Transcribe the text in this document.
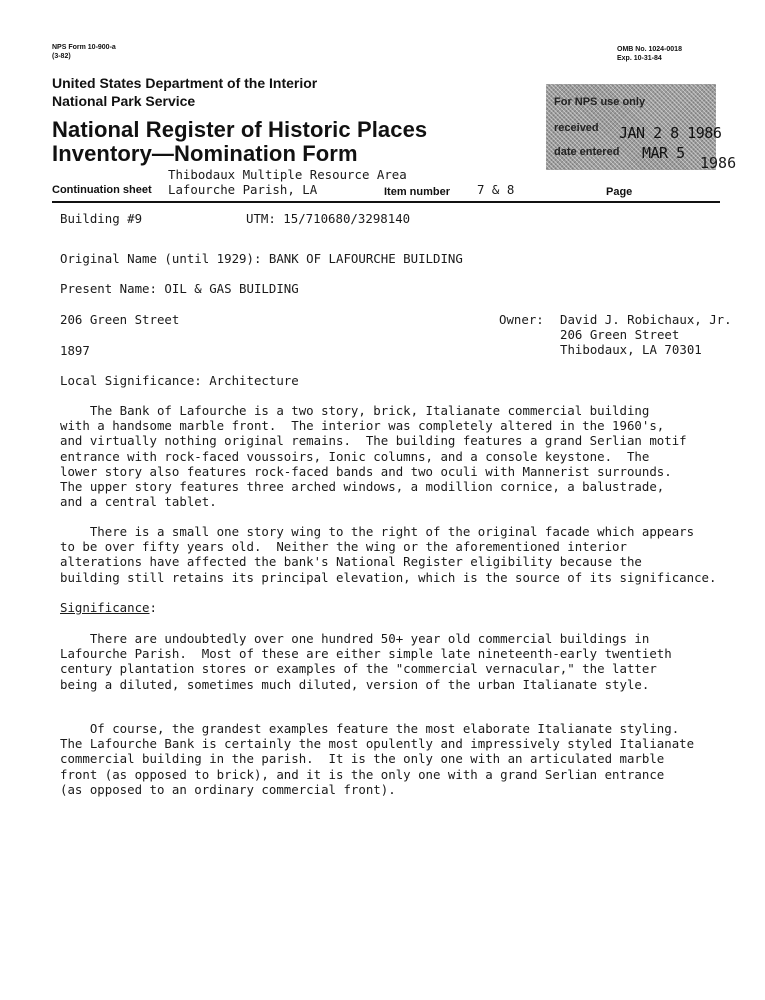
NPS Form 10-900-a
(3-82)
OMB No. 1024-0018
Exp. 10-31-84
United States Department of the Interior
National Park Service
National Register of Historic Places
Inventory—Nomination Form
Thibodaux Multiple Resource Area
Continuation sheet Lafourche Parish, LA	Item number 7 & 8	Page
For NPS use only
received JAN 2 8 1986
date entered MAR 5
1986
Building #9	UTM: 15/710680/3298140
Original Name (until 1929): BANK OF LAFOURCHE BUILDING
Present Name: OIL & GAS BUILDING
206 Green Street
1897
Owner: David J. Robichaux, Jr.
206 Green Street
Thibodaux, LA 70301
Local Significance: Architecture
The Bank of Lafourche is a two story, brick, Italianate commercial building
with a handsome marble front.  The interior was completely altered in the 1960's,
and virtually nothing original remains.  The building features a grand Serlian motif
entrance with rock-faced voussoirs, Ionic columns, and a console keystone.  The
lower story also features rock-faced bands and two oculi with Mannerist surrounds.
The upper story features three arched windows, a modillion cornice, a balustrade,
and a central tablet.
There is a small one story wing to the right of the original facade which appears
to be over fifty years old.  Neither the wing or the aforementioned interior
alterations have affected the bank's National Register eligibility because the
building still retains its principal elevation, which is the source of its significance.
Significance:
There are undoubtedly over one hundred 50+ year old commercial buildings in
Lafourche Parish.  Most of these are either simple late nineteenth-early twentieth
century plantation stores or examples of the "commercial vernacular," the latter
being a diluted, sometimes much diluted, version of the urban Italianate style.
Of course, the grandest examples feature the most elaborate Italianate styling.
The Lafourche Bank is certainly the most opulently and impressively styled Italianate
commercial building in the parish.  It is the only one with an articulated marble
front (as opposed to brick), and it is the only one with a grand Serlian entrance
(as opposed to an ordinary commercial front).
